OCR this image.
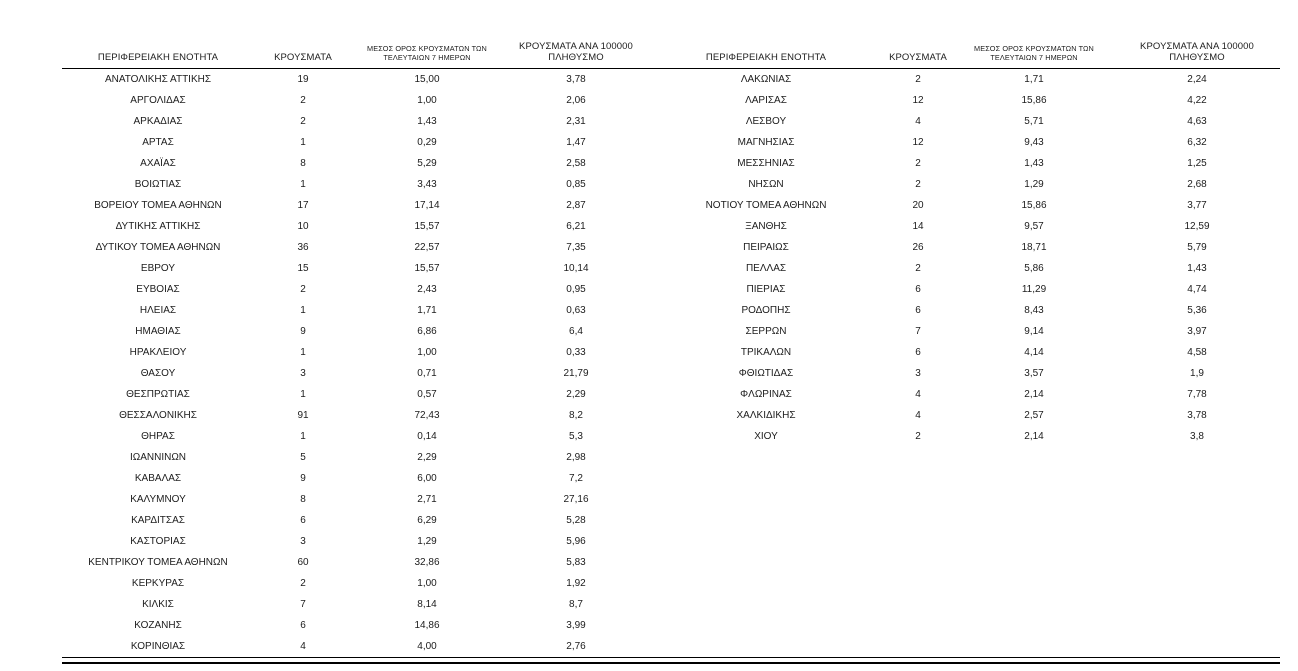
ΠΕΡΙΦΕΡΕΙΑΚΗ ΕΝΟΤΗΤΑ	ΚΡΟΥΣΜΑΤΑ	ΜΕΣΟΣ ΟΡΟΣ ΚΡΟΥΣΜΑΤΩΝ ΤΩΝ ΤΕΛΕΥΤΑΙΩΝ 7 ΗΜΕΡΩΝ	ΚΡΟΥΣΜΑΤΑ ΑΝΑ 100000 ΠΛΗΘΥΣΜΟ	ΠΕΡΙΦΕΡΕΙΑΚΗ ΕΝΟΤΗΤΑ	ΚΡΟΥΣΜΑΤΑ	ΜΕΣΟΣ ΟΡΟΣ ΚΡΟΥΣΜΑΤΩΝ ΤΩΝ ΤΕΛΕΥΤΑΙΩΝ 7 ΗΜΕΡΩΝ	ΚΡΟΥΣΜΑΤΑ ΑΝΑ 100000 ΠΛΗΘΥΣΜΟ
ΑΝΑΤΟΛΙΚΗΣ ΑΤΤΙΚΗΣ	19	15,00	3,78	ΛΑΚΩΝΙΑΣ	2	1,71	2,24
ΑΡΓΟΛΙΔΑΣ	2	1,00	2,06	ΛΑΡΙΣΑΣ	12	15,86	4,22
ΑΡΚΑΔΙΑΣ	2	1,43	2,31	ΛΕΣΒΟΥ	4	5,71	4,63
ΑΡΤΑΣ	1	0,29	1,47	ΜΑΓΝΗΣΙΑΣ	12	9,43	6,32
ΑΧΑΪΑΣ	8	5,29	2,58	ΜΕΣΣΗΝΙΑΣ	2	1,43	1,25
ΒΟΙΩΤΙΑΣ	1	3,43	0,85	ΝΗΣΩΝ	2	1,29	2,68
ΒΟΡΕΙΟΥ ΤΟΜΕΑ ΑΘΗΝΩΝ	17	17,14	2,87	ΝΟΤΙΟΥ ΤΟΜΕΑ ΑΘΗΝΩΝ	20	15,86	3,77
ΔΥΤΙΚΗΣ ΑΤΤΙΚΗΣ	10	15,57	6,21	ΞΑΝΘΗΣ	14	9,57	12,59
ΔΥΤΙΚΟΥ ΤΟΜΕΑ ΑΘΗΝΩΝ	36	22,57	7,35	ΠΕΙΡΑΙΩΣ	26	18,71	5,79
ΕΒΡΟΥ	15	15,57	10,14	ΠΕΛΛΑΣ	2	5,86	1,43
ΕΥΒΟΙΑΣ	2	2,43	0,95	ΠΙΕΡΙΑΣ	6	11,29	4,74
ΗΛΕΙΑΣ	1	1,71	0,63	ΡΟΔΟΠΗΣ	6	8,43	5,36
ΗΜΑΘΙΑΣ	9	6,86	6,4	ΣΕΡΡΩΝ	7	9,14	3,97
ΗΡΑΚΛΕΙΟΥ	1	1,00	0,33	ΤΡΙΚΑΛΩΝ	6	4,14	4,58
ΘΑΣΟΥ	3	0,71	21,79	ΦΘΙΩΤΙΔΑΣ	3	3,57	1,9
ΘΕΣΠΡΩΤΙΑΣ	1	0,57	2,29	ΦΛΩΡΙΝΑΣ	4	2,14	7,78
ΘΕΣΣΑΛΟΝΙΚΗΣ	91	72,43	8,2	ΧΑΛΚΙΔΙΚΗΣ	4	2,57	3,78
ΘΗΡΑΣ	1	0,14	5,3	ΧΙΟΥ	2	2,14	3,8
ΙΩΑΝΝΙΝΩΝ	5	2,29	2,98				
ΚΑΒΑΛΑΣ	9	6,00	7,2				
ΚΑΛΥΜΝΟΥ	8	2,71	27,16				
ΚΑΡΔΙΤΣΑΣ	6	6,29	5,28				
ΚΑΣΤΟΡΙΑΣ	3	1,29	5,96				
ΚΕΝΤΡΙΚΟΥ ΤΟΜΕΑ ΑΘΗΝΩΝ	60	32,86	5,83				
ΚΕΡΚΥΡΑΣ	2	1,00	1,92				
ΚΙΛΚΙΣ	7	8,14	8,7				
ΚΟΖΑΝΗΣ	6	14,86	3,99				
ΚΟΡΙΝΘΙΑΣ	4	4,00	2,76				
